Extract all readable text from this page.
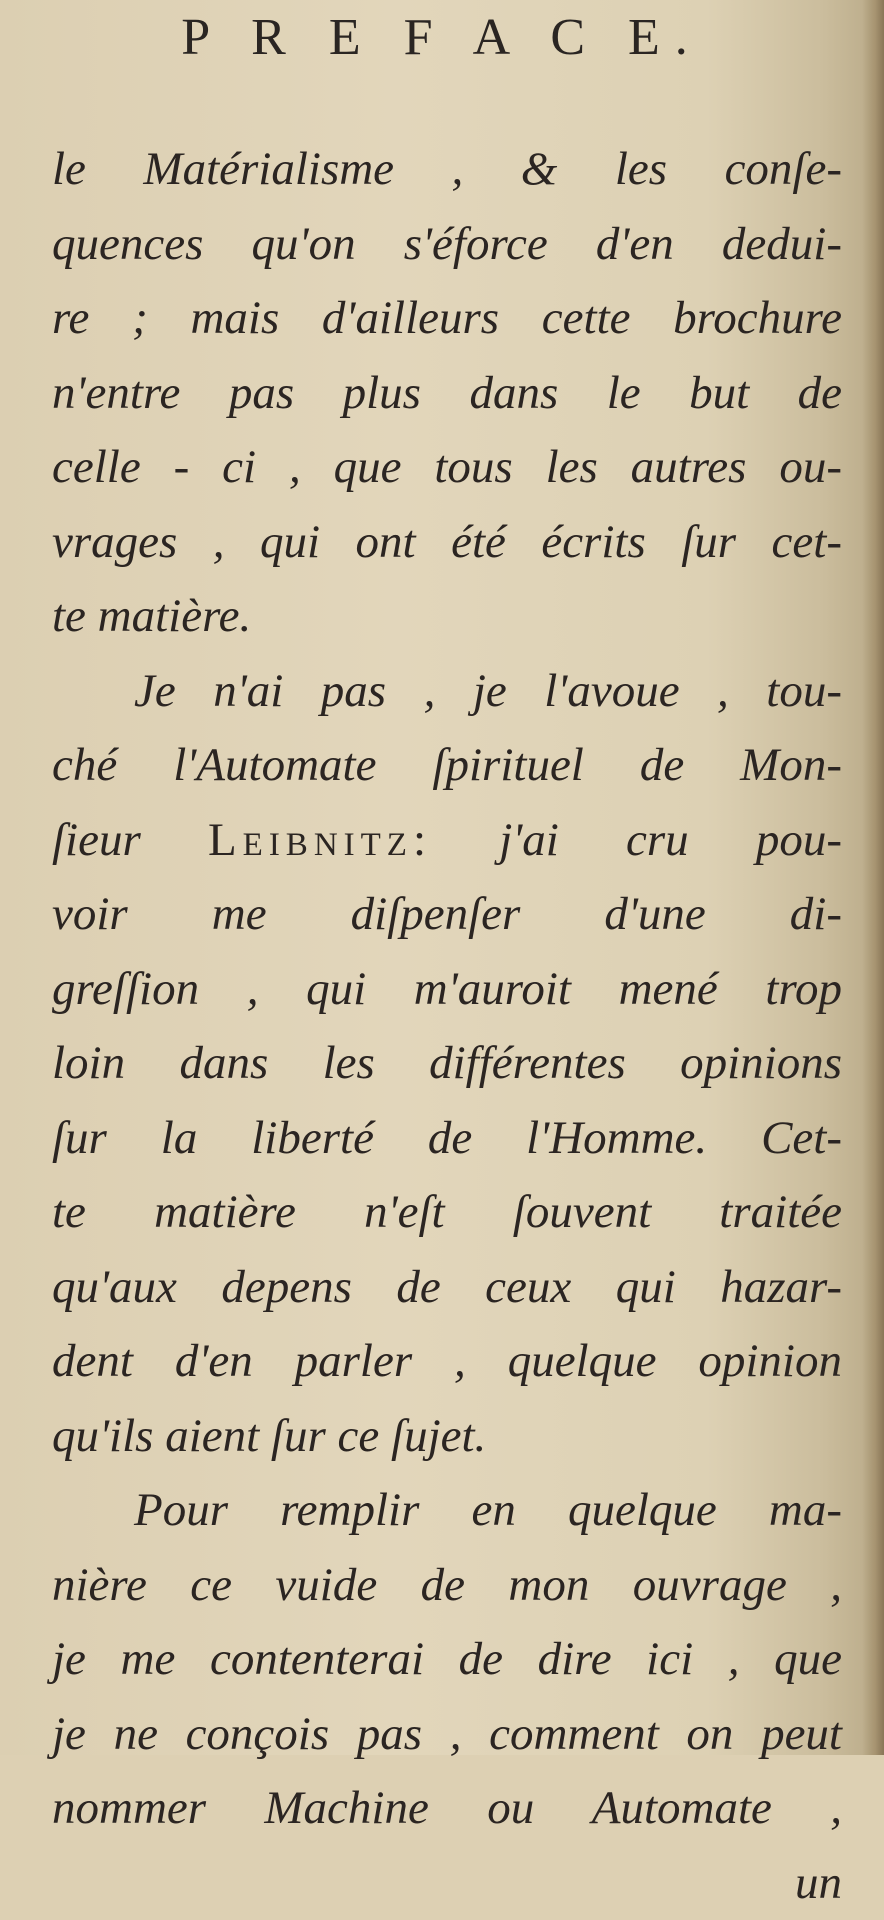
P R E F A C E.
le Matérialisme , & les conſe-
quences qu'on s'éforce d'en dedui-
re ; mais d'ailleurs cette brochure
n'entre pas plus dans le but de
celle - ci , que tous les autres ou-
vrages , qui ont été écrits ſur cet-
te matière.
Je n'ai pas , je l'avoue , tou-
ché l'Automate ſpirituel de Mon-
ſieur Leibnitz: j'ai cru pou-
voir me diſpenſer d'une di-
greſſion , qui m'auroit mené trop
loin dans les différentes opinions
ſur la liberté de l'Homme. Cet-
te matière n'eſt ſouvent traitée
qu'aux depens de ceux qui hazar-
dent d'en parler , quelque opinion
qu'ils aient ſur ce ſujet.
Pour remplir en quelque ma-
nière ce vuide de mon ouvrage ,
je me contenterai de dire ici , que
je ne conçois pas , comment on peut
nommer Machine ou Automate ,
un
